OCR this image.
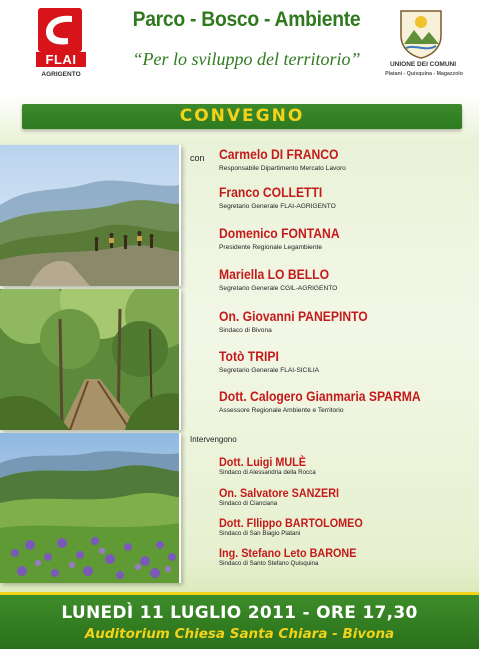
FLAI
AGRIGENTO
Parco - Bosco - Ambiente
“Per lo sviluppo del territorio”	UNIONE DEI COMUNI
Platani - Quisquina - Magazzolo
CONVEGNO
con Carmelo DI FRANCO
Responsabile Dipartimento Mercato Lavoro
Franco COLLETTI
Segretario Generale FLAI-AGRIGENTO
Domenico FONTANA
Presidente Regionale Legambiente
Mariella LO BELLO
Segretario Generale CGIL-AGRIGENTO
On. Giovanni PANEPINTO
Sindaco di Bivona
Totò TRIPI
Segretario Generale FLAI-SICILIA
Dott. Calogero Gianmaria SPARMA
Assessore Regionale Ambiente e Territorio
Intervengono
Dott. Luigi MULÈ
Sindaco di Alessandria della Rocca
On. Salvatore SANZERI
Sindaco di Cianciana
Dott. FIlippo BARTOLOMEO
Sindaco di San Biagio Platani
Ing. Stefano Leto BARONE
Sindaco di Santo Stefano Quisquina
LUNEDÌ 11 LUGLIO 2011 - ORE 17,30
Auditorium Chiesa Santa Chiara - Bivona
